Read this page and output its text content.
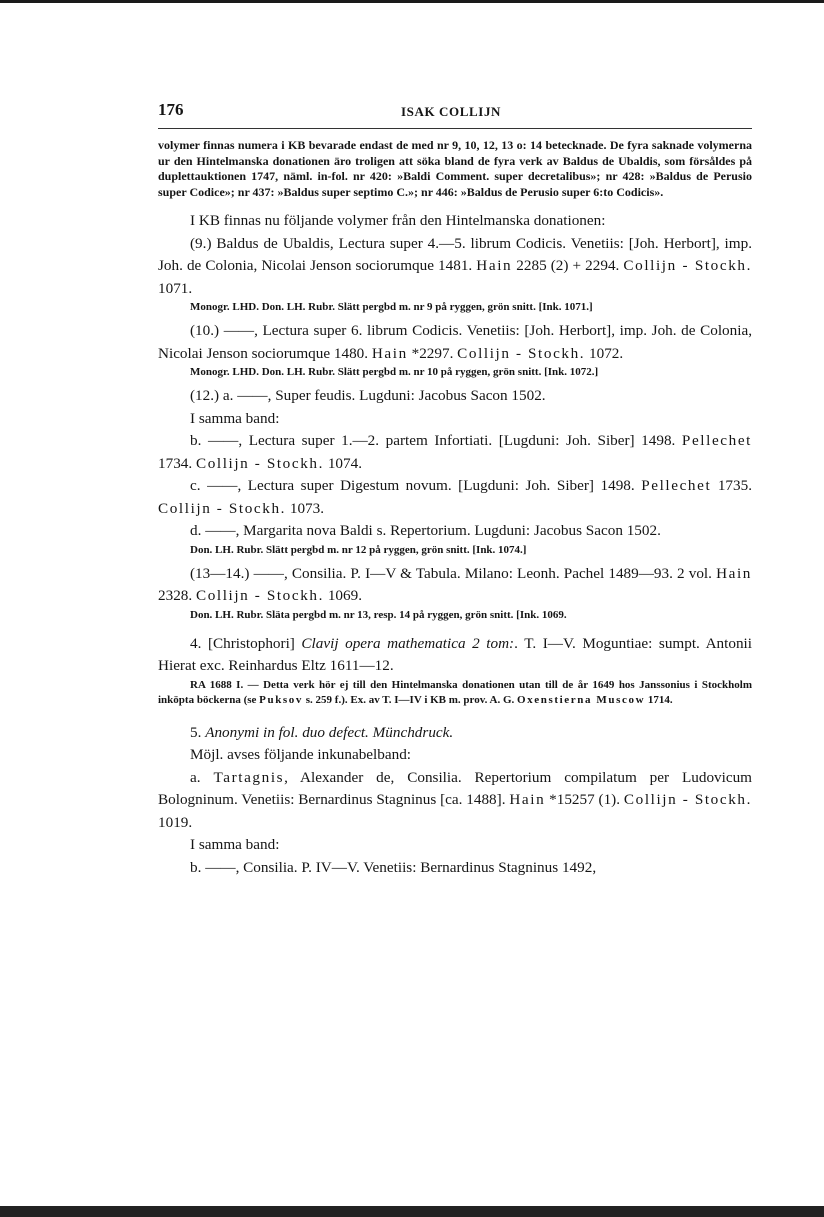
176	ISAK COLLIJN

volymer finnas numera i KB bevarade endast de med nr 9, 10, 12, 13 o: 14 betecknade. De fyra saknade volymerna ur den Hintelmanska donationen äro troligen att söka bland de fyra verk av Baldus de Ubaldis, som försåldes på duplettauktionen 1747, näml. in-fol. nr 420: »Baldi Comment. super decretalibus»; nr 428: »Baldus de Perusio super Codice»; nr 437: »Baldus super septimo C.»; nr 446: »Baldus de Perusio super 6:to Codicis».

I KB finnas nu följande volymer från den Hintelmanska donationen:

(9.) Baldus de Ubaldis, Lectura super 4.—5. librum Codicis. Venetiis: [Joh. Herbort], imp. Joh. de Colonia, Nicolai Jenson sociorumque 1481. Hain 2285 (2) + 2294. Collijn - Stockh. 1071.

Monogr. LHD. Don. LH. Rubr. Slätt pergbd m. nr 9 på ryggen, grön snitt. [Ink. 1071.]

(10.) ——, Lectura super 6. librum Codicis. Venetiis: [Joh. Herbort], imp. Joh. de Colonia, Nicolai Jenson sociorumque 1480. Hain *2297. Collijn - Stockh. 1072.

Monogr. LHD. Don. LH. Rubr. Slätt pergbd m. nr 10 på ryggen, grön snitt. [Ink. 1072.]

(12.) a. ——, Super feudis. Lugduni: Jacobus Sacon 1502.

I samma band:

b. ——, Lectura super 1.—2. partem Infortiati. [Lugduni: Joh. Siber] 1498. Pellechet 1734. Collijn - Stockh. 1074.

c. ——, Lectura super Digestum novum. [Lugduni: Joh. Siber] 1498. Pellechet 1735. Collijn - Stockh. 1073.

d. ——, Margarita nova Baldi s. Repertorium. Lugduni: Jacobus Sacon 1502.

Don. LH. Rubr. Slätt pergbd m. nr 12 på ryggen, grön snitt. [Ink. 1074.]

(13—14.) ——, Consilia. P. I—V & Tabula. Milano: Leonh. Pachel 1489—93. 2 vol. Hain 2328. Collijn - Stockh. 1069.

Don. LH. Rubr. Släta pergbd m. nr 13, resp. 14 på ryggen, grön snitt. [Ink. 1069.

4. [Christophori] Clavij opera mathematica 2 tom:. T. I—V. Moguntiae: sumpt. Antonii Hierat exc. Reinhardus Eltz 1611—12.

RA 1688 I. — Detta verk hör ej till den Hintelmanska donationen utan till de år 1649 hos Janssonius i Stockholm inköpta böckerna (se Puksov s. 259 f.). Ex. av T. I—IV i KB m. prov. A. G. Oxenstierna Muscow 1714.

5. Anonymi in fol. duo defect. Münchdruck.

Möjl. avses följande inkunabelband:

a. Tartagnis, Alexander de, Consilia. Repertorium compilatum per Ludovicum Bologninum. Venetiis: Bernardinus Stagninus [ca. 1488]. Hain *15257 (1). Collijn - Stockh. 1019.

I samma band:

b. ——, Consilia. P. IV—V. Venetiis: Bernardinus Stagninus 1492,
